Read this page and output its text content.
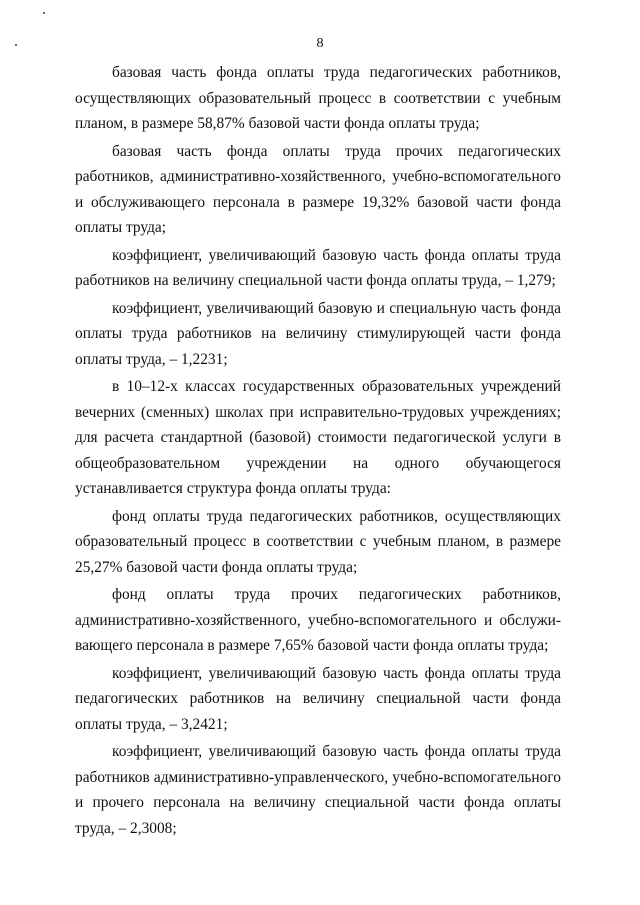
8

базовая часть фонда оплаты труда педагогических работников, осуществляющих образовательный процесс в соответствии с учебным планом, в размере 58,87% базовой части фонда оплаты труда;

базовая часть фонда оплаты труда прочих педагогических работников, административно-хозяйственного, учебно-вспомогательного и обслуживающего персонала в размере 19,32% базовой части фонда оплаты труда;

коэффициент, увеличивающий базовую часть фонда оплаты труда работников на величину специальной части фонда оплаты труда, – 1,279;

коэффициент, увеличивающий базовую и специальную часть фонда оплаты труда работников на величину стимулирующей части фонда оплаты труда, – 1,2231;

в 10–12-х классах государственных образовательных учреждений вечерних (сменных) школах при исправительно-трудовых учреждениях; для расчета стандартной (базовой) стоимости педагогической услуги в общеобразовательном учреждении на одного обучающегося устанавливается структура фонда оплаты труда:

фонд оплаты труда педагогических работников, осуществляющих образовательный процесс в соответствии с учебным планом, в размере 25,27% базовой части фонда оплаты труда;

фонд оплаты труда прочих педагогических работников, административно-хозяйственного, учебно-вспомогательного и обслуживающего персонала в размере 7,65% базовой части фонда оплаты труда;

коэффициент, увеличивающий базовую часть фонда оплаты труда педагогических работников на величину специальной части фонда оплаты труда, – 3,2421;

коэффициент, увеличивающий базовую часть фонда оплаты труда работников административно-управленческого, учебно-вспомогательного и прочего персонала на величину специальной части фонда оплаты труда, – 2,3008;
